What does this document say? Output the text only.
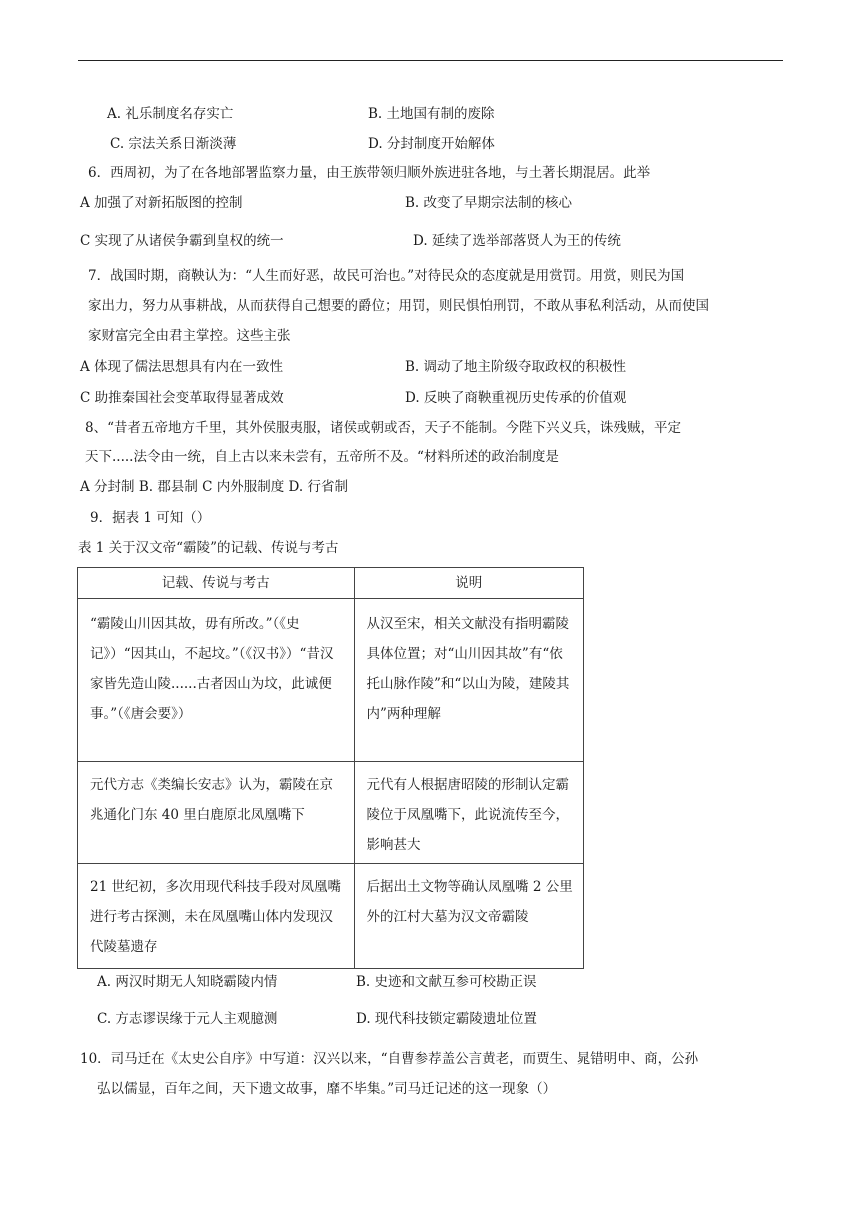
A. 礼乐制度名存实亡	B. 土地国有制的废除
C. 宗法关系日渐淡薄	D. 分封制度开始解体
6．西周初，为了在各地部署监察力量，由王族带领归顺外族进驻各地，与土著长期混居。此举
A 加强了对新拓版图的控制	B. 改变了早期宗法制的核心
C 实现了从诸侯争霸到皇权的统一	D. 延续了选举部落贤人为王的传统
7．战国时期，商鞅认为：“人生而好恶，故民可治也。”对待民众的态度就是用赏罚。用赏，则民为国
家出力，努力从事耕战，从而获得自己想要的爵位；用罚，则民惧怕刑罚，不敢从事私利活动，从而使国
家财富完全由君主掌控。这些主张
A 体现了儒法思想具有内在一致性	B. 调动了地主阶级夺取政权的积极性
C 助推秦国社会变革取得显著成效	D. 反映了商鞅重视历史传承的价值观
8、“昔者五帝地方千里，其外侯服夷服，诸侯或朝或否，天子不能制。今陛下兴义兵，诛残贼，平定
天下.....法令由一统，自上古以来未尝有，五帝所不及。“材料所述的政治制度是
A 分封制 B. 郡县制 C 内外服制度 D. 行省制
9．据表 1 可知（）
表 1 关于汉文帝“霸陵”的记载、传说与考古
记载、传说与考古	说明

“霸陵山川因其故，毋有所改。”（《史记》）“因其山，不起坟。”（《汉书》）“昔汉家皆先造山陵......古者因山为坟，此诚便事。”（《唐会要》）	从汉至宋，相关文献没有指明霸陵具体位置；对“山川因其故”有“依托山脉作陵”和“以山为陵，建陵其内”两种理解

元代方志《类编长安志》认为，霸陵在京兆通化门东 40 里白鹿原北凤凰嘴下	元代有人根据唐昭陵的形制认定霸陵位于凤凰嘴下，此说流传至今，影响甚大

21 世纪初，多次用现代科技手段对凤凰嘴进行考古探测，未在凤凰嘴山体内发现汉代陵墓遗存	后据出土文物等确认凤凰嘴 2 公里外的江村大墓为汉文帝霸陵
A. 两汉时期无人知晓霸陵内情	B. 史迹和文献互参可校勘正误
C. 方志谬误缘于元人主观臆测	D. 现代科技锁定霸陵遗址位置
10．司马迁在《太史公自序》中写道：汉兴以来，“自曹参荐盖公言黄老，而贾生、晁错明申、商，公孙
弘以儒显，百年之间，天下遗文故事，靡不毕集。”司马迁记述的这一现象（）
